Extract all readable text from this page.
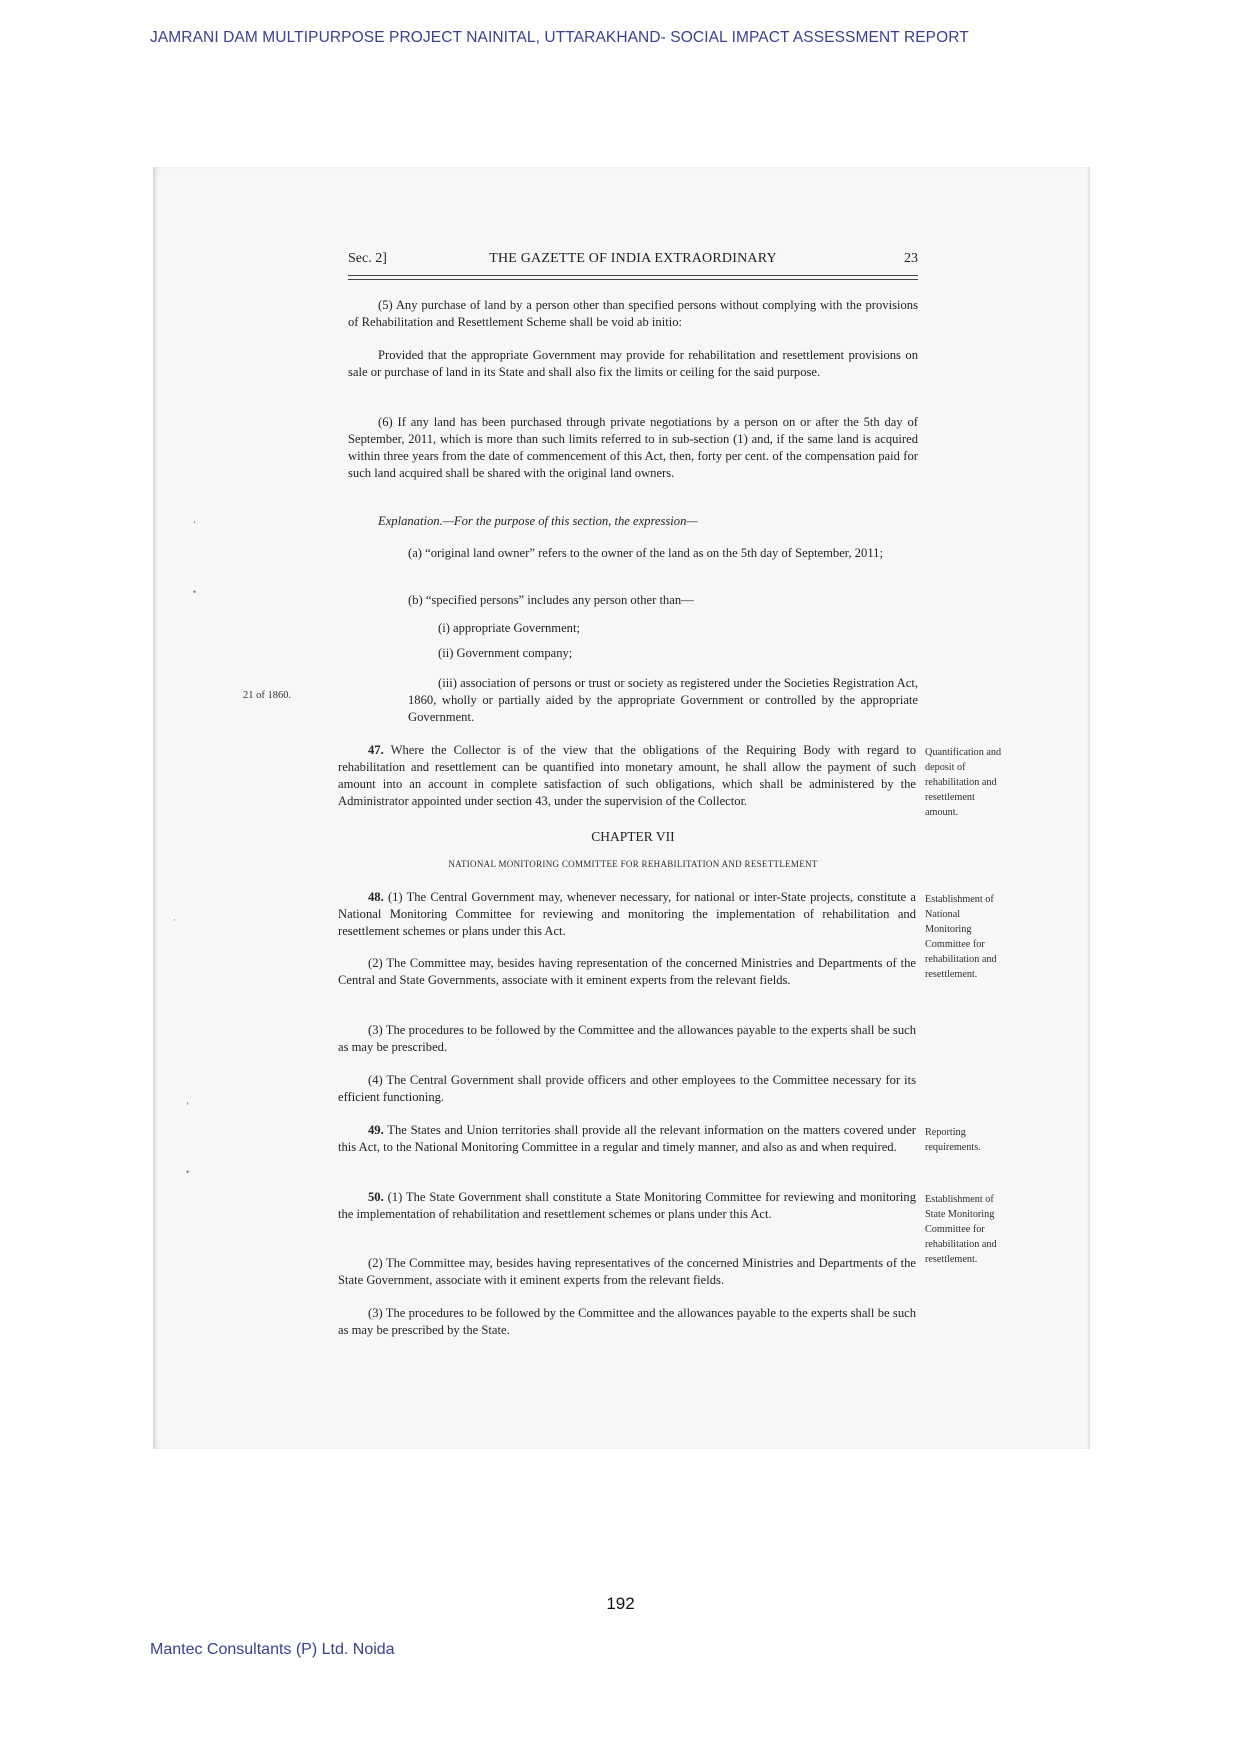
JAMRANI DAM MULTIPURPOSE PROJECT NAINITAL, UTTARAKHAND- SOCIAL IMPACT ASSESSMENT REPORT
Sec. 2]	THE GAZETTE OF INDIA EXTRAORDINARY	23

(5) Any purchase of land by a person other than specified persons without complying with the provisions of Rehabilitation and Resettlement Scheme shall be void ab initio:

Provided that the appropriate Government may provide for rehabilitation and resettlement provisions on sale or purchase of land in its State and shall also fix the limits or ceiling for the said purpose.

(6) If any land has been purchased through private negotiations by a person on or after the 5th day of September, 2011, which is more than such limits referred to in sub-section (1) and, if the same land is acquired within three years from the date of commencement of this Act, then, forty per cent. of the compensation paid for such land acquired shall be shared with the original land owners.

Explanation.—For the purpose of this section, the expression—

(a) “original land owner” refers to the owner of the land as on the 5th day of September, 2011;

(b) “specified persons” includes any person other than—

(i) appropriate Government;

(ii) Government company;

(iii) association of persons or trust or society as registered under the Societies Registration Act, 1860, wholly or partially aided by the appropriate Government or controlled by the appropriate Government.

21 of 1860.

47. Where the Collector is of the view that the obligations of the Requiring Body with regard to rehabilitation and resettlement can be quantified into monetary amount, he shall allow the payment of such amount into an account in complete satisfaction of such obligations, which shall be administered by the Administrator appointed under section 43, under the supervision of the Collector.

Quantification and deposit of rehabilitation and resettlement amount.

CHAPTER VII
NATIONAL MONITORING COMMITTEE FOR REHABILITATION AND RESETTLEMENT

48. (1) The Central Government may, whenever necessary, for national or inter-State projects, constitute a National Monitoring Committee for reviewing and monitoring the implementation of rehabilitation and resettlement schemes or plans under this Act.

Establishment of National Monitoring Committee for rehabilitation and resettlement.

(2) The Committee may, besides having representation of the concerned Ministries and Departments of the Central and State Governments, associate with it eminent experts from the relevant fields.

(3) The procedures to be followed by the Committee and the allowances payable to the experts shall be such as may be prescribed.

(4) The Central Government shall provide officers and other employees to the Committee necessary for its efficient functioning.

49. The States and Union territories shall provide all the relevant information on the matters covered under this Act, to the National Monitoring Committee in a regular and timely manner, and also as and when required.

Reporting requirements.

50. (1) The State Government shall constitute a State Monitoring Committee for reviewing and monitoring the implementation of rehabilitation and resettlement schemes or plans under this Act.

Establishment of State Monitoring Committee for rehabilitation and resettlement.

(2) The Committee may, besides having representatives of the concerned Ministries and Departments of the State Government, associate with it eminent experts from the relevant fields.

(3) The procedures to be followed by the Committee and the allowances payable to the experts shall be such as may be prescribed by the State.

‘
•
·
’
•
192
Mantec Consultants (P) Ltd. Noida
